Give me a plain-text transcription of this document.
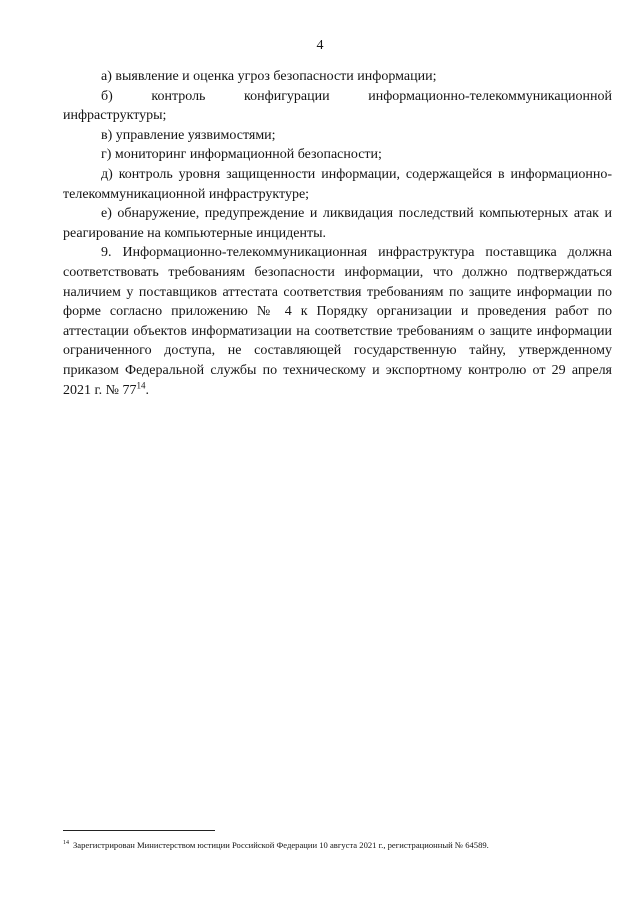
4

а) выявление и оценка угроз безопасности информации;

б) контроль конфигурации информационно-телекоммуникационной инфраструктуры;

в) управление уязвимостями;

г) мониторинг информационной безопасности;

д) контроль уровня защищенности информации, содержащейся в информационно-телекоммуникационной инфраструктуре;

е) обнаружение, предупреждение и ликвидация последствий компьютерных атак и реагирование на компьютерные инциденты.

9. Информационно-телекоммуникационная инфраструктура поставщика должна соответствовать требованиям безопасности информации, что должно подтверждаться наличием у поставщиков аттестата соответствия требованиям по защите информации по форме согласно приложению № 4 к Порядку организации и проведения работ по аттестации объектов информатизации на соответствие требованиям о защите информации ограниченного доступа, не составляющей государственную тайну, утвержденному приказом Федеральной службы по техническому и экспортному контролю от 29 апреля 2021 г. № $77^{14}$.

$^{14}$ Зарегистрирован Министерством юстиции Российской Федерации 10 августа 2021 г., регистрационный № 64589.
